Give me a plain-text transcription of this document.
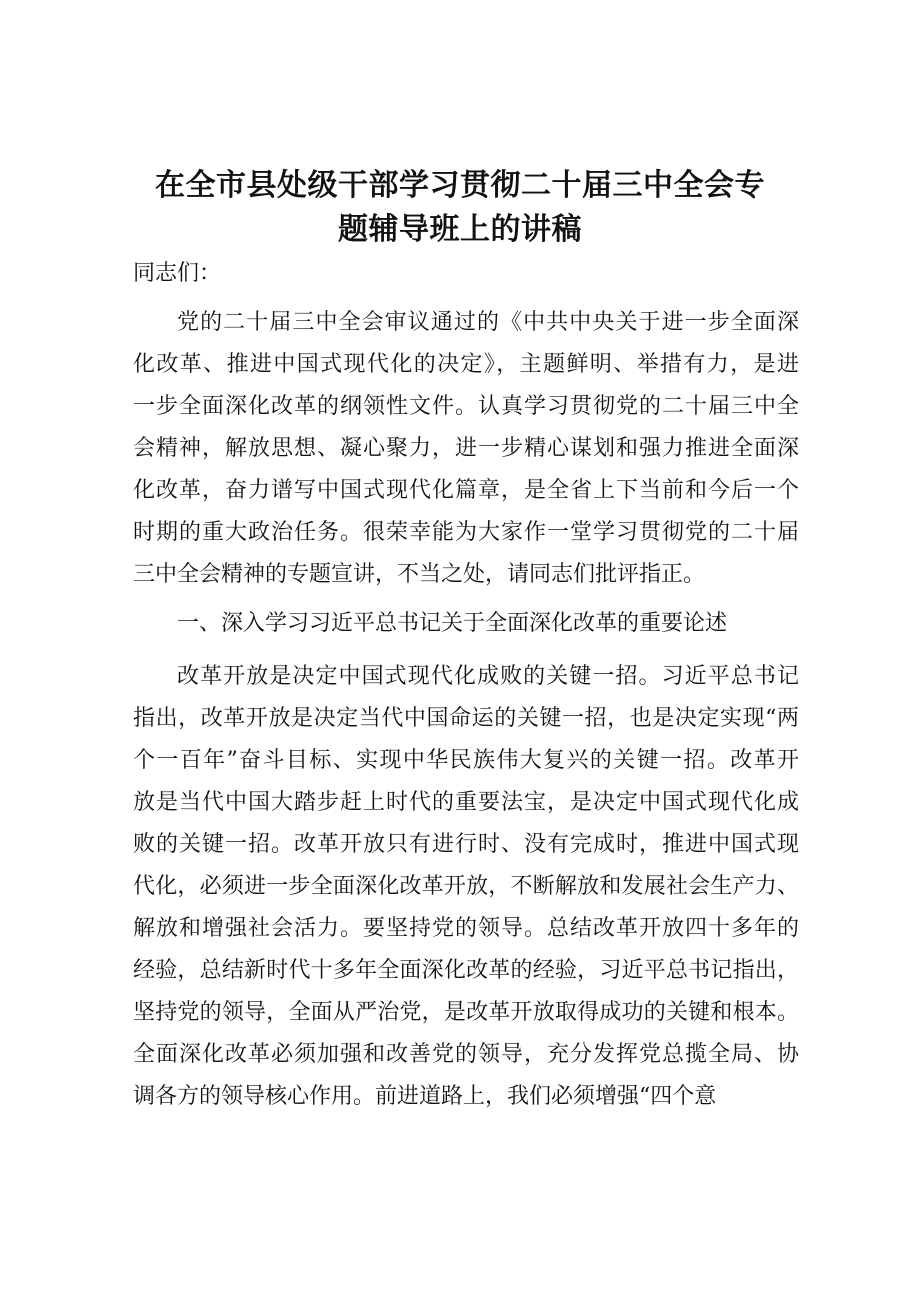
在全市县处级干部学习贯彻二十届三中全会专
题辅导班上的讲稿
同志们：
党的二十届三中全会审议通过的《中共中央关于进一步全面深
化改革、推进中国式现代化的决定》，主题鲜明、举措有力，是进
一步全面深化改革的纲领性文件。认真学习贯彻党的二十届三中全
会精神，解放思想、凝心聚力，进一步精心谋划和强力推进全面深
化改革，奋力谱写中国式现代化篇章，是全省上下当前和今后一个
时期的重大政治任务。很荣幸能为大家作一堂学习贯彻党的二十届
三中全会精神的专题宣讲，不当之处，请同志们批评指正。
一、深入学习习近平总书记关于全面深化改革的重要论述
改革开放是决定中国式现代化成败的关键一招。习近平总书记
指出，改革开放是决定当代中国命运的关键一招，也是决定实现“两
个一百年”奋斗目标、实现中华民族伟大复兴的关键一招。改革开
放是当代中国大踏步赶上时代的重要法宝，是决定中国式现代化成
败的关键一招。改革开放只有进行时、没有完成时，推进中国式现
代化，必须进一步全面深化改革开放，不断解放和发展社会生产力、
解放和增强社会活力。要坚持党的领导。总结改革开放四十多年的
经验，总结新时代十多年全面深化改革的经验，习近平总书记指出，
坚持党的领导，全面从严治党，是改革开放取得成功的关键和根本。
全面深化改革必须加强和改善党的领导，充分发挥党总揽全局、协
调各方的领导核心作用。前进道路上，我们必须增强“四个意
